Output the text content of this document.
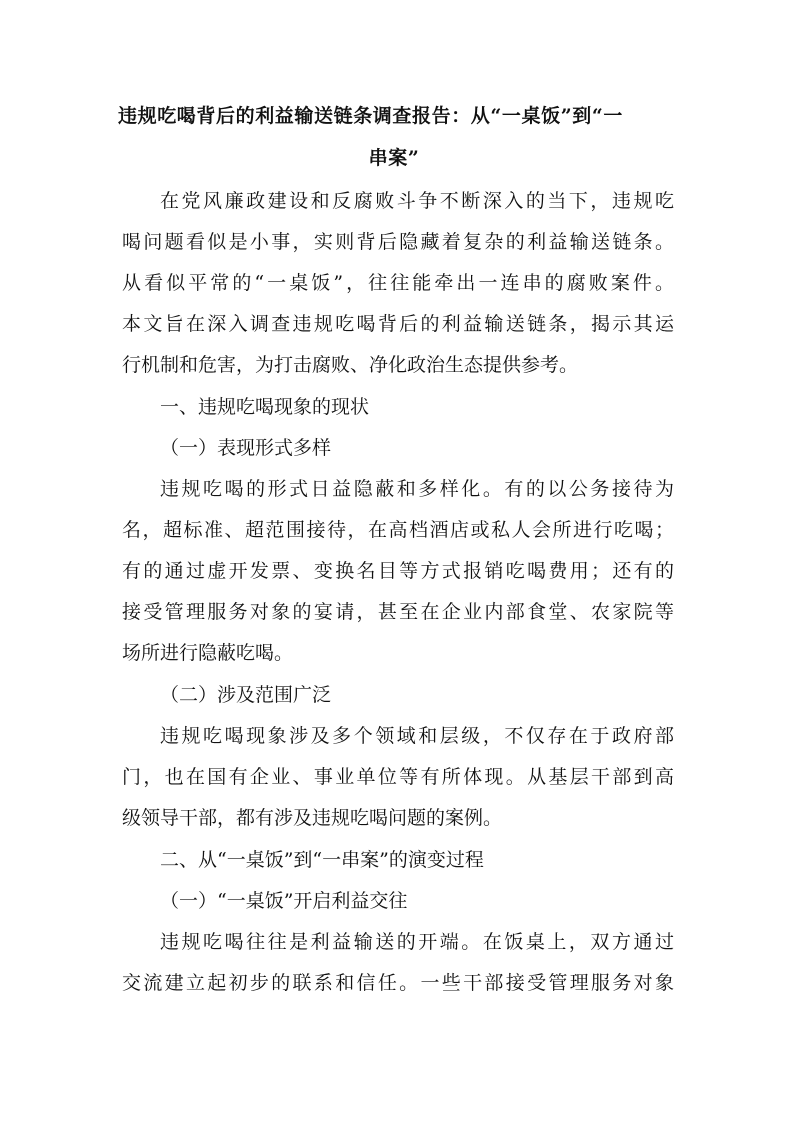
违规吃喝背后的利益输送链条调查报告：从“一桌饭”到“一
串案”
在党风廉政建设和反腐败斗争不断深入的当下，违规吃
喝问题看似是小事，实则背后隐藏着复杂的利益输送链条。
从看似平常的“一桌饭”，往往能牵出一连串的腐败案件。
本文旨在深入调查违规吃喝背后的利益输送链条，揭示其运
行机制和危害，为打击腐败、净化政治生态提供参考。
一、违规吃喝现象的现状
（一）表现形式多样
违规吃喝的形式日益隐蔽和多样化。有的以公务接待为
名，超标准、超范围接待，在高档酒店或私人会所进行吃喝；
有的通过虚开发票、变换名目等方式报销吃喝费用；还有的
接受管理服务对象的宴请，甚至在企业内部食堂、农家院等
场所进行隐蔽吃喝。
（二）涉及范围广泛
违规吃喝现象涉及多个领域和层级，不仅存在于政府部
门，也在国有企业、事业单位等有所体现。从基层干部到高
级领导干部，都有涉及违规吃喝问题的案例。
二、从“一桌饭”到“一串案”的演变过程
（一）“一桌饭”开启利益交往
违规吃喝往往是利益输送的开端。在饭桌上，双方通过
交流建立起初步的联系和信任。一些干部接受管理服务对象
